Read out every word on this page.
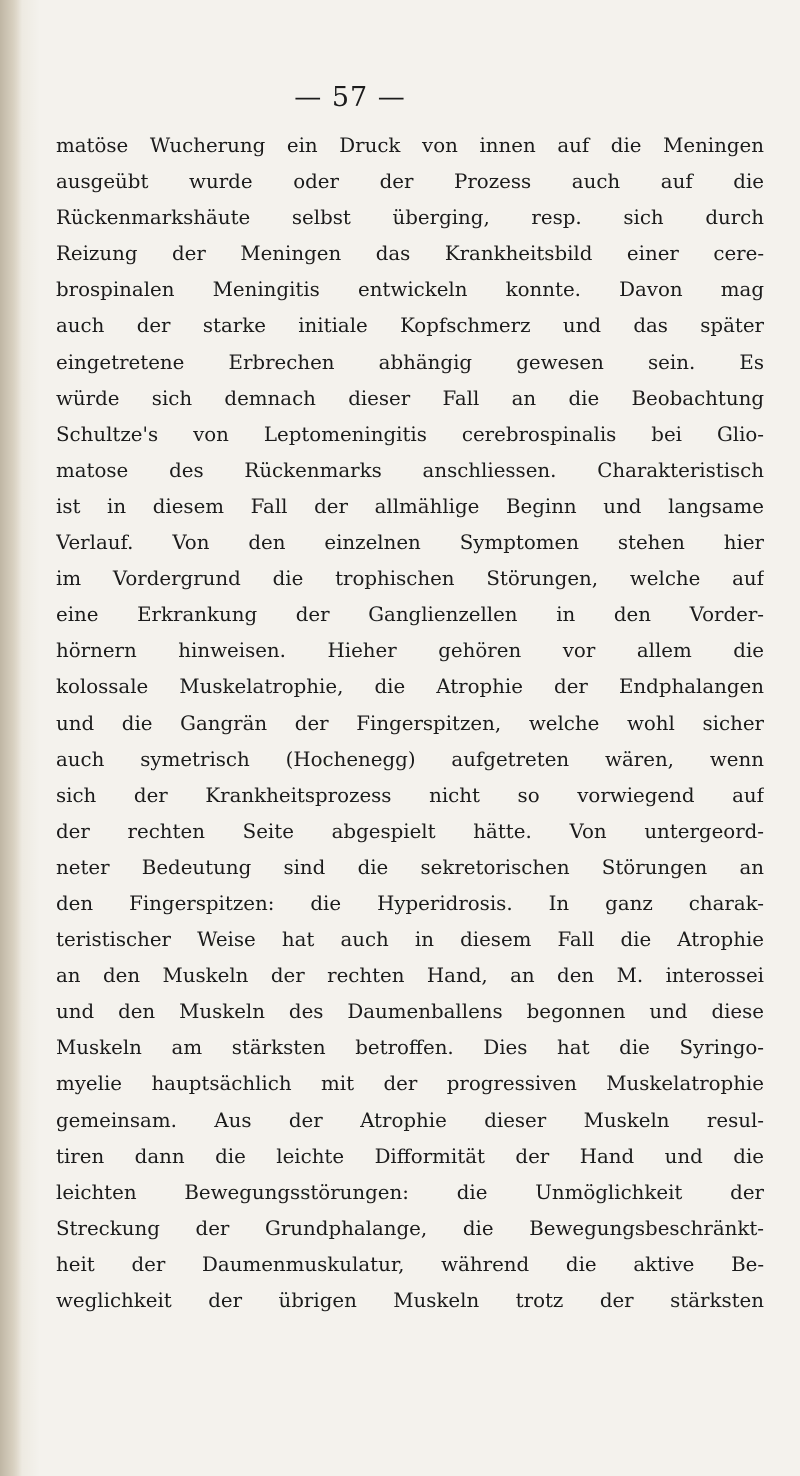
— 57 —
matöse Wucherung ein Druck von innen auf die Meningen
ausgeübt wurde oder der Prozess auch auf die
Rückenmarkshäute selbst überging, resp. sich durch
Reizung der Meningen das Krankheitsbild einer cere-
brospinalen Meningitis entwickeln konnte. Davon mag
auch der starke initiale Kopfschmerz und das später
eingetretene Erbrechen abhängig gewesen sein. Es
würde sich demnach dieser Fall an die Beobachtung
Schultze's von Leptomeningitis cerebrospinalis bei Glio-
matose des Rückenmarks anschliessen. Charakteristisch
ist in diesem Fall der allmählige Beginn und langsame
Verlauf. Von den einzelnen Symptomen stehen hier
im Vordergrund die trophischen Störungen, welche auf
eine Erkrankung der Ganglienzellen in den Vorder-
hörnern hinweisen. Hieher gehören vor allem die
kolossale Muskelatrophie, die Atrophie der Endphalangen
und die Gangrän der Fingerspitzen, welche wohl sicher
auch symetrisch (Hochenegg) aufgetreten wären, wenn
sich der Krankheitsprozess nicht so vorwiegend auf
der rechten Seite abgespielt hätte. Von untergeord-
neter Bedeutung sind die sekretorischen Störungen an
den Fingerspitzen: die Hyperidrosis. In ganz charak-
teristischer Weise hat auch in diesem Fall die Atrophie
an den Muskeln der rechten Hand, an den M. interossei
und den Muskeln des Daumenballens begonnen und diese
Muskeln am stärksten betroffen. Dies hat die Syringo-
myelie hauptsächlich mit der progressiven Muskelatrophie
gemeinsam. Aus der Atrophie dieser Muskeln resul-
tiren dann die leichte Difformität der Hand und die
leichten Bewegungsstörungen: die Unmöglichkeit der
Streckung der Grundphalange, die Bewegungsbeschränkt-
heit der Daumenmuskulatur, während die aktive Be-
weglichkeit der übrigen Muskeln trotz der stärksten
